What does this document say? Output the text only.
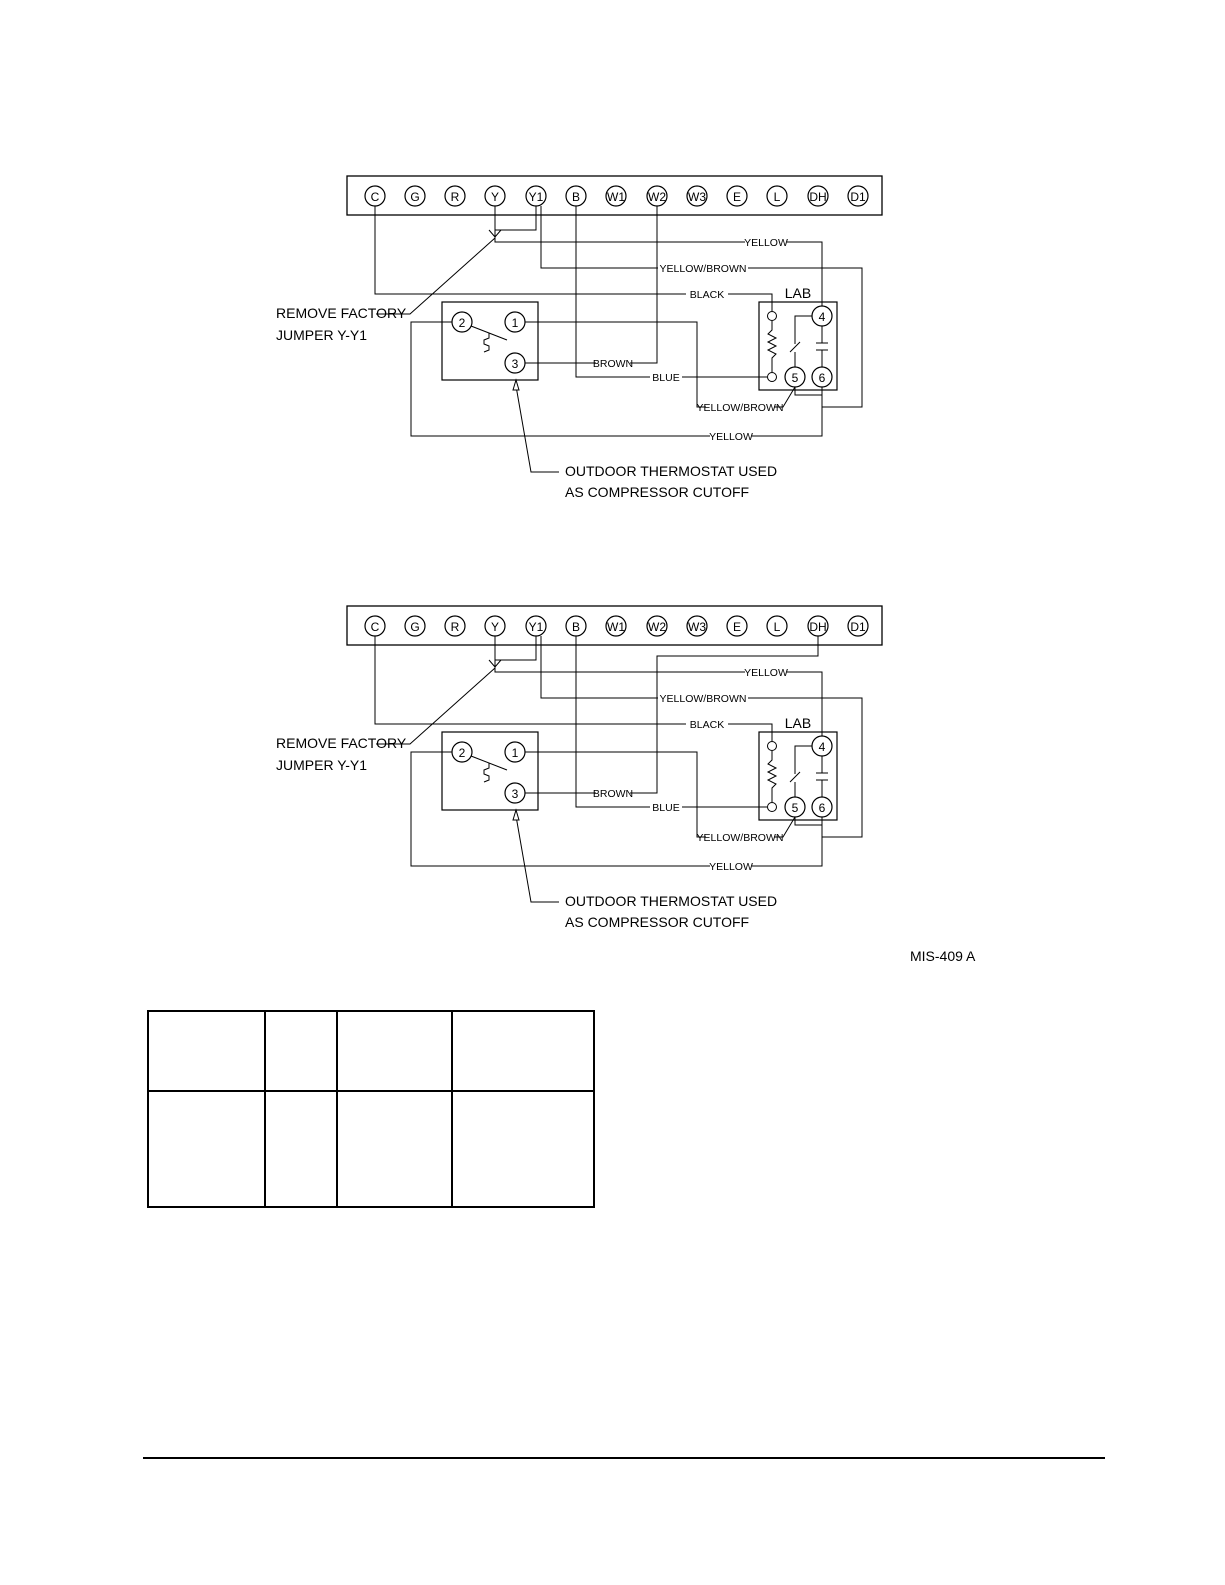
BROWN
BROWN
MIS-409 A
